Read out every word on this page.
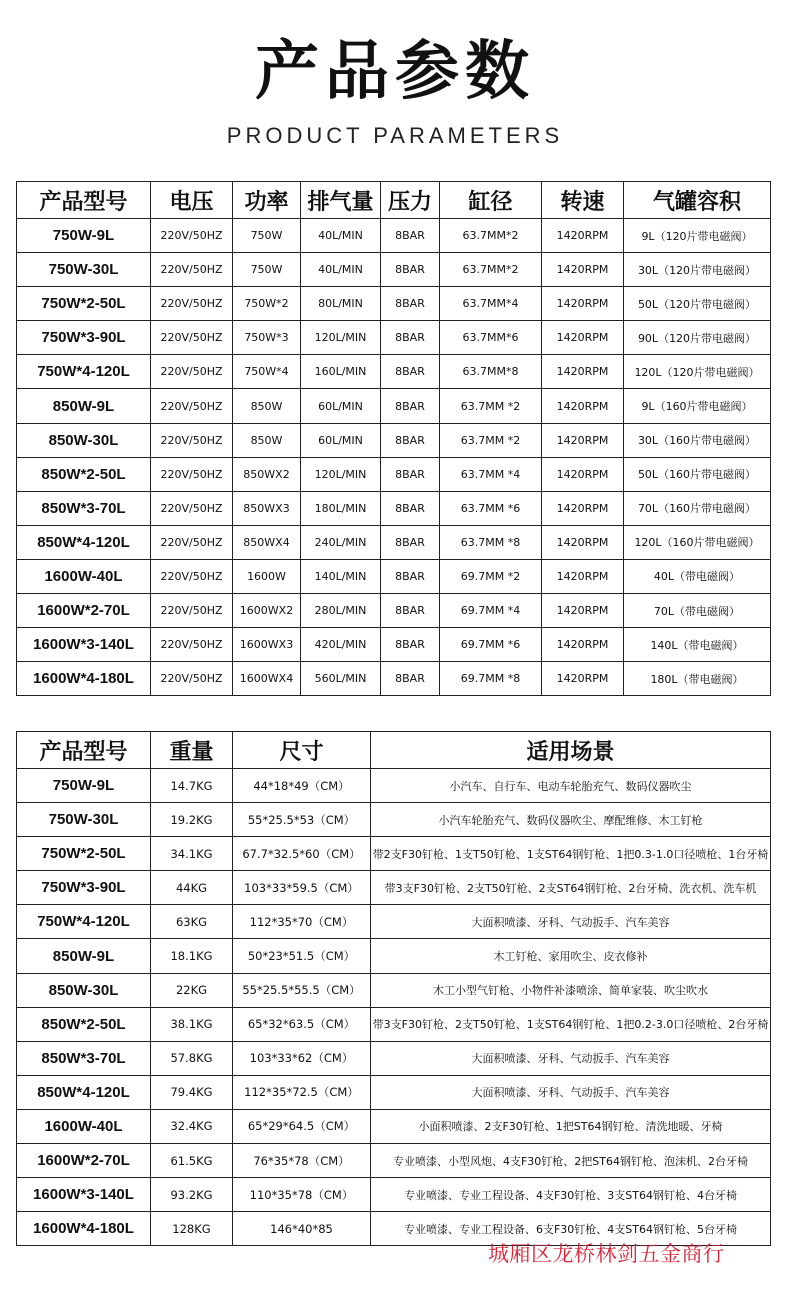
产品参数
PRODUCT PARAMETERS
产品型号	电压	功率	排气量	压力	缸径	转速	气罐容积
750W-9L	220V/50HZ	750W	40L/MIN	8BAR	63.7MM*2	1420RPM	9L（120片带电磁阀）
750W-30L	220V/50HZ	750W	40L/MIN	8BAR	63.7MM*2	1420RPM	30L（120片带电磁阀）
750W*2-50L	220V/50HZ	750W*2	80L/MIN	8BAR	63.7MM*4	1420RPM	50L（120片带电磁阀）
750W*3-90L	220V/50HZ	750W*3	120L/MIN	8BAR	63.7MM*6	1420RPM	90L（120片带电磁阀）
750W*4-120L	220V/50HZ	750W*4	160L/MIN	8BAR	63.7MM*8	1420RPM	120L（120片带电磁阀）
850W-9L	220V/50HZ	850W	60L/MIN	8BAR	63.7MM *2	1420RPM	9L（160片带电磁阀）
850W-30L	220V/50HZ	850W	60L/MIN	8BAR	63.7MM *2	1420RPM	30L（160片带电磁阀）
850W*2-50L	220V/50HZ	850WX2	120L/MIN	8BAR	63.7MM *4	1420RPM	50L（160片带电磁阀）
850W*3-70L	220V/50HZ	850WX3	180L/MIN	8BAR	63.7MM *6	1420RPM	70L（160片带电磁阀）
850W*4-120L	220V/50HZ	850WX4	240L/MIN	8BAR	63.7MM *8	1420RPM	120L（160片带电磁阀）
1600W-40L	220V/50HZ	1600W	140L/MIN	8BAR	69.7MM *2	1420RPM	40L（带电磁阀）
1600W*2-70L	220V/50HZ	1600WX2	280L/MIN	8BAR	69.7MM *4	1420RPM	70L（带电磁阀）
1600W*3-140L	220V/50HZ	1600WX3	420L/MIN	8BAR	69.7MM *6	1420RPM	140L（带电磁阀）
1600W*4-180L	220V/50HZ	1600WX4	560L/MIN	8BAR	69.7MM *8	1420RPM	180L（带电磁阀）
产品型号	重量	尺寸	适用场景
750W-9L	14.7KG	44*18*49（CM）	小汽车、自行车、电动车轮胎充气、数码仪器吹尘
750W-30L	19.2KG	55*25.5*53（CM）	小汽车轮胎充气、数码仪器吹尘、摩配维修、木工钉枪
750W*2-50L	34.1KG	67.7*32.5*60（CM）	带2支F30钉枪、1支T50钉枪、1支ST64钢钉枪、1把0.3-1.0口径喷枪、1台牙椅
750W*3-90L	44KG	103*33*59.5（CM）	带3支F30钉枪、2支T50钉枪、2支ST64钢钉枪、2台牙椅、洗衣机、洗车机
750W*4-120L	63KG	112*35*70（CM）	大面积喷漆、牙科、气动扳手、汽车美容
850W-9L	18.1KG	50*23*51.5（CM）	木工钉枪、家用吹尘、皮衣修补
850W-30L	22KG	55*25.5*55.5（CM）	木工小型气钉枪、小物件补漆喷涂、简单家装、吹尘吹水
850W*2-50L	38.1KG	65*32*63.5（CM）	带3支F30钉枪、2支T50钉枪、1支ST64钢钉枪、1把0.2-3.0口径喷枪、2台牙椅
850W*3-70L	57.8KG	103*33*62（CM）	大面积喷漆、牙科、气动扳手、汽车美容
850W*4-120L	79.4KG	112*35*72.5（CM）	大面积喷漆、牙科、气动扳手、汽车美容
1600W-40L	32.4KG	65*29*64.5（CM）	小面积喷漆、2支F30钉枪、1把ST64钢钉枪、清洗地暖、牙椅
1600W*2-70L	61.5KG	76*35*78（CM）	专业喷漆、小型风炮、4支F30钉枪、2把ST64钢钉枪、泡沫机、2台牙椅
1600W*3-140L	93.2KG	110*35*78（CM）	专业喷漆、专业工程设备、4支F30钉枪、3支ST64钢钉枪、4台牙椅
1600W*4-180L	128KG	146*40*85	专业喷漆、专业工程设备、6支F30钉枪、4支ST64钢钉枪、5台牙椅
城厢区龙桥林剑五金商行
